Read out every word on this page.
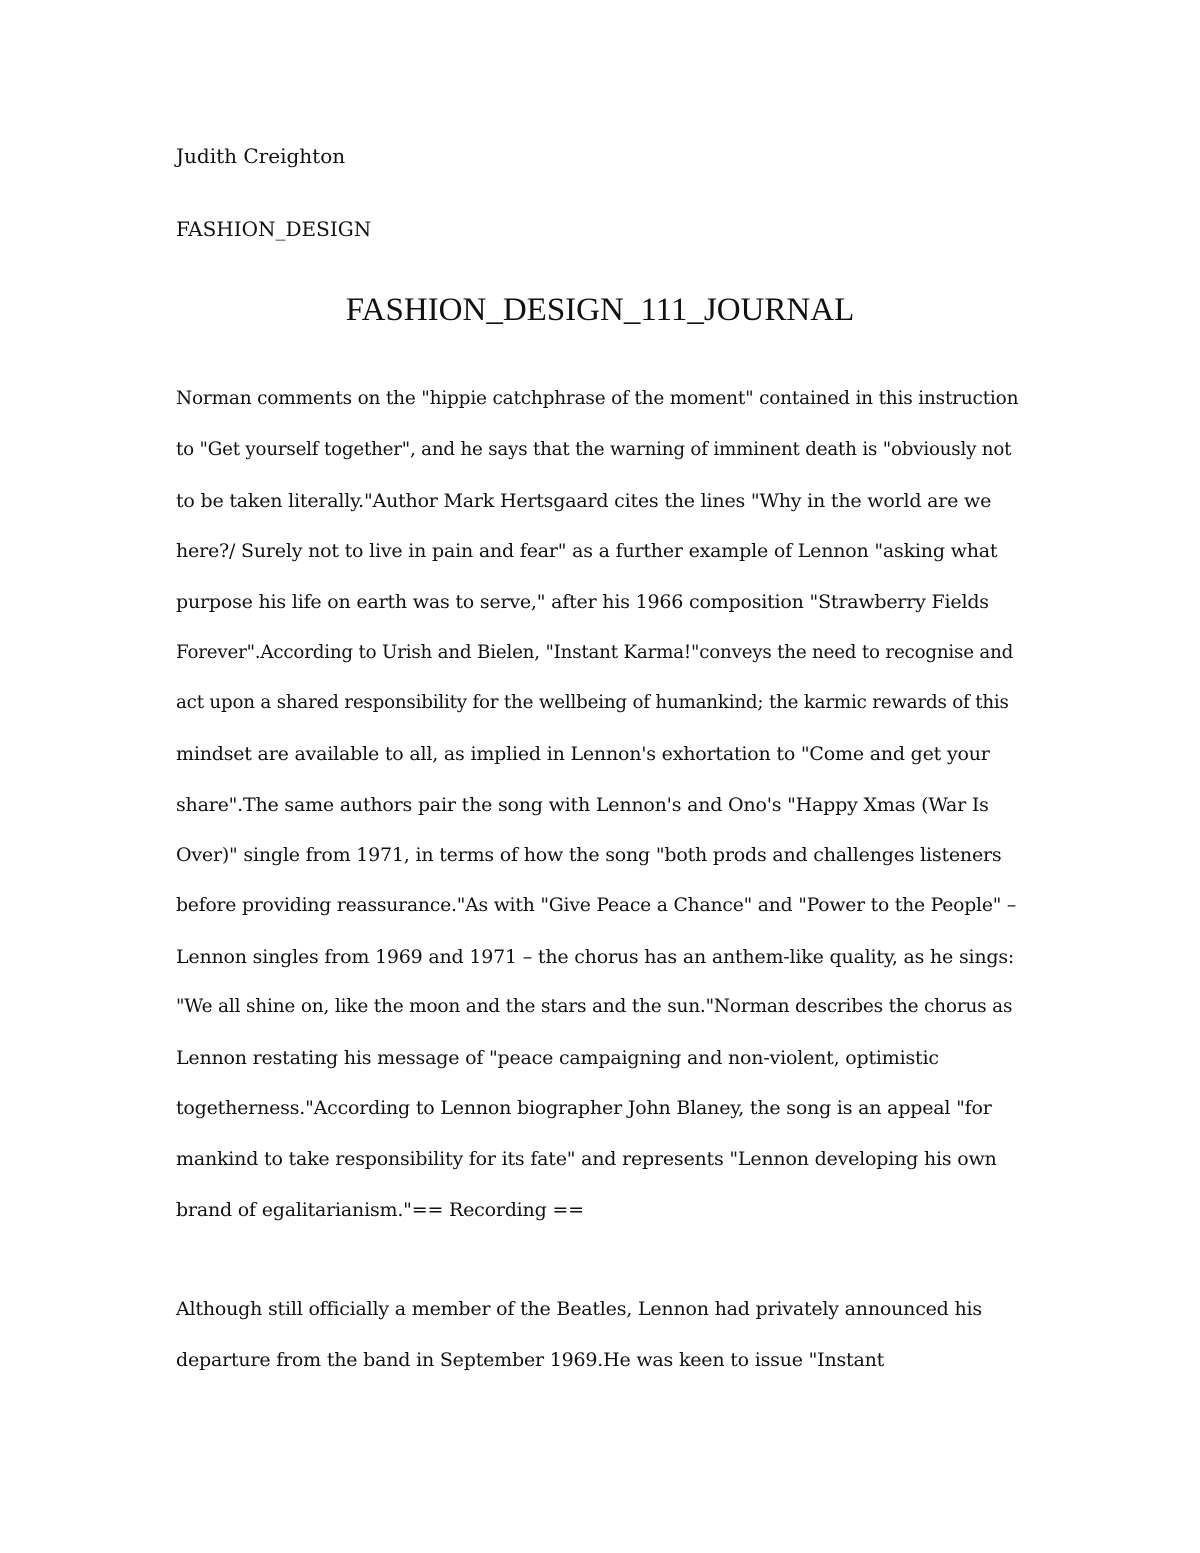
Judith Creighton
FASHION_DESIGN
FASHION_DESIGN_111_JOURNAL
Norman comments on the "hippie catchphrase of the moment" contained in this instruction
to "Get yourself together", and he says that the warning of imminent death is "obviously not
to be taken literally."Author Mark Hertsgaard cites the lines "Why in the world are we
here?/ Surely not to live in pain and fear" as a further example of Lennon "asking what
purpose his life on earth was to serve," after his 1966 composition "Strawberry Fields
Forever".According to Urish and Bielen, "Instant Karma!"conveys the need to recognise and
act upon a shared responsibility for the wellbeing of humankind; the karmic rewards of this
mindset are available to all, as implied in Lennon's exhortation to "Come and get your
share".The same authors pair the song with Lennon's and Ono's "Happy Xmas (War Is
Over)" single from 1971, in terms of how the song "both prods and challenges listeners
before providing reassurance."As with "Give Peace a Chance" and "Power to the People" –
Lennon singles from 1969 and 1971 – the chorus has an anthem-like quality, as he sings:
"We all shine on, like the moon and the stars and the sun."Norman describes the chorus as
Lennon restating his message of "peace campaigning and non-violent, optimistic
togetherness."According to Lennon biographer John Blaney, the song is an appeal "for
mankind to take responsibility for its fate" and represents "Lennon developing his own
brand of egalitarianism."== Recording ==
Although still officially a member of the Beatles, Lennon had privately announced his
departure from the band in September 1969.He was keen to issue "Instant
